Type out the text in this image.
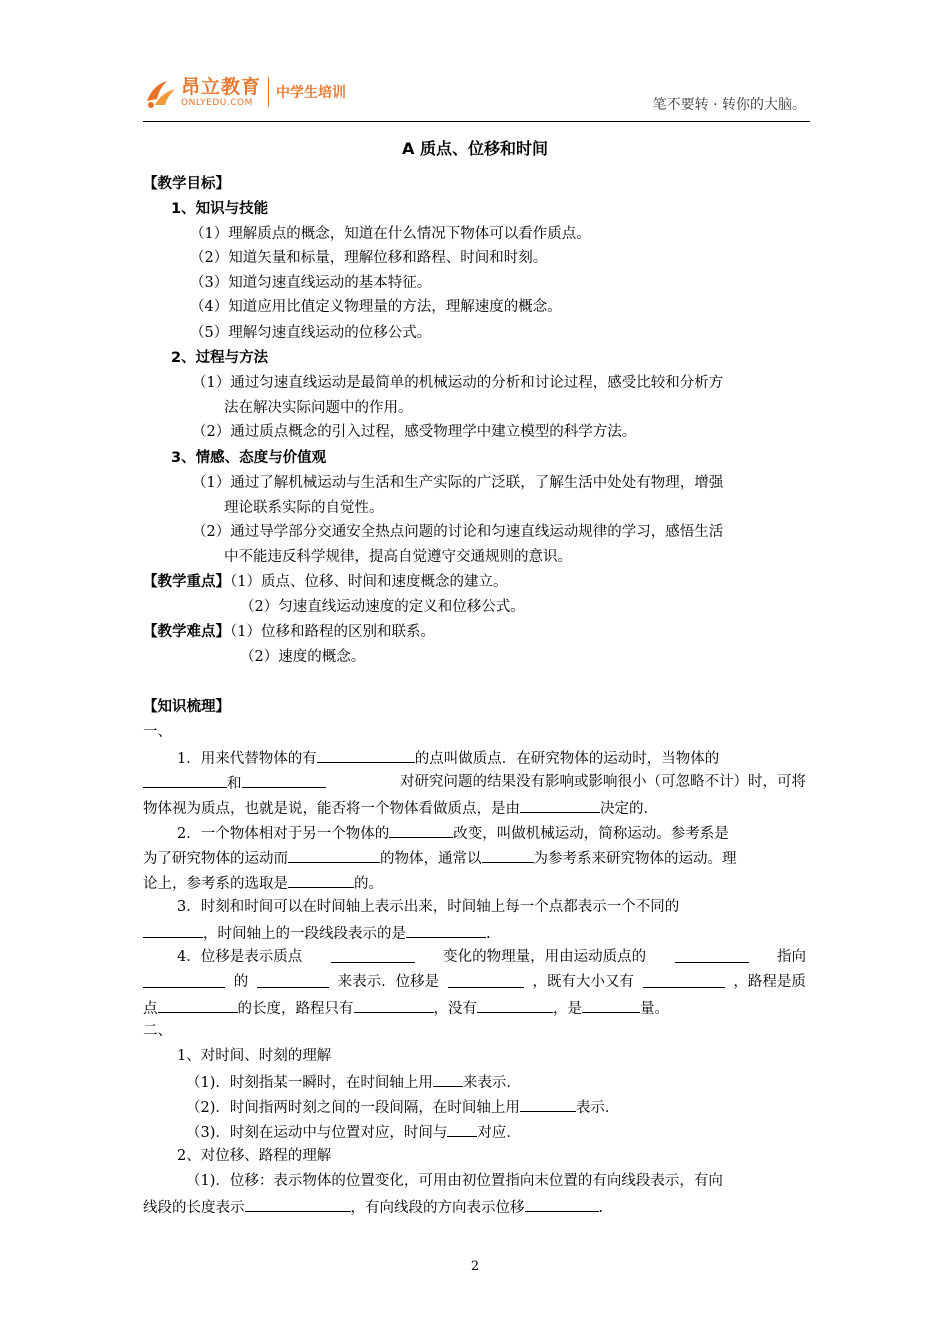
昂立教育
ONLYEDU.COM
中学生培训
笔不要转 · 转你的大脑。
A 质点、位移和时间
【教学目标】
1、知识与技能
（1）理解质点的概念，知道在什么情况下物体可以看作质点。
（2）知道矢量和标量，理解位移和路程、时间和时刻。
（3）知道匀速直线运动的基本特征。
（4）知道应用比值定义物理量的方法，理解速度的概念。
（5）理解匀速直线运动的位移公式。
2、过程与方法
（1）通过匀速直线运动是最简单的机械运动的分析和讨论过程，感受比较和分析方
法在解决实际问题中的作用。
（2）通过质点概念的引入过程，感受物理学中建立模型的科学方法。
3、情感、态度与价值观
（1）通过了解机械运动与生活和生产实际的广泛联，了解生活中处处有物理，增强
理论联系实际的自觉性。
（2）通过导学部分交通安全热点问题的讨论和匀速直线运动规律的学习，感悟生活
中不能违反科学规律，提高自觉遵守交通规则的意识。
【教学重点】（1）质点、位移、时间和速度概念的建立。
（2）匀速直线运动速度的定义和位移公式。
【教学难点】（1）位移和路程的区别和联系。
（2）速度的概念。
【知识梳理】
一、
1．用来代替物体的有	的点叫做质点．在研究物体的运动时，当物体的
和	对研究问题的结果没有影响或影响很小（可忽略不计）时，可将
物体视为质点，也就是说，能否将一个物体看做质点，是由	决定的．
2．一个物体相对于另一个物体的	改变，叫做机械运动，简称运动。参考系是
为了研究物体的运动而	的物体，通常以	为参考系来研究物体的运动。理
论上，参考系的选取是	的。
3．时刻和时间可以在时间轴上表示出来，时间轴上每一个点都表示一个不同的
，时间轴上的一段线段表示的是	.
4．位移是表示质点	变化的物理量，用由运动质点的	指向
的	来表示．位移是	，既有大小又有	，路程是质
点	的长度，路程只有	，没有	，是	量。
二、
1、对时间、时刻的理解
（1)．时刻指某一瞬时，在时间轴上用 来表示．
（2)．时间指两时刻之间的一段间隔，在时间轴上用	表示．
（3)．时刻在运动中与位置对应，时间与 对应．
2、对位移、路程的理解
（1)．位移：表示物体的位置变化，可用由初位置指向末位置的有向线段表示，有向
线段的长度表示	，有向线段的方向表示位移	.
2
